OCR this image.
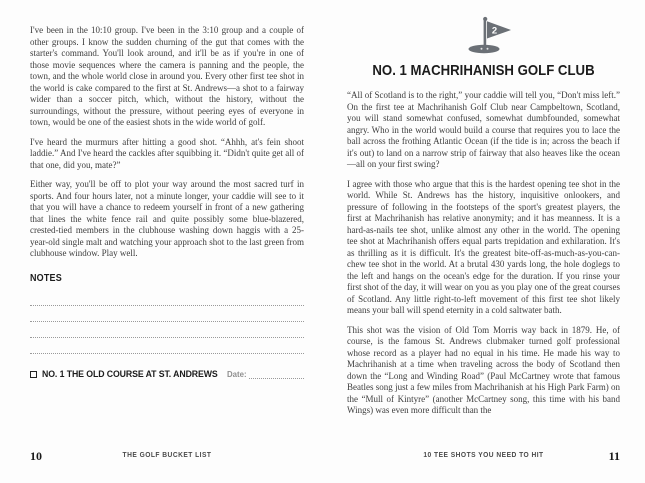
I've been in the 10:10 group. I've been in the 3:10 group and a couple of other groups. I know the sudden churning of the gut that comes with the starter's command. You'll look around, and it'll be as if you're in one of those movie sequences where the camera is panning and the people, the town, and the whole world close in around you. Every other first tee shot in the world is cake compared to the first at St. Andrews—a shot to a fairway wider than a soccer pitch, which, without the history, without the surroundings, without the pressure, without peering eyes of everyone in town, would be one of the easiest shots in the wide world of golf.

I've heard the murmurs after hitting a good shot. “Ahhh, at's fein shoot laddie.” And I've heard the cackles after squibbing it. “Didn't quite get all of that one, did you, mate?”

Either way, you'll be off to plot your way around the most sacred turf in sports. And four hours later, not a minute longer, your caddie will see to it that you will have a chance to redeem yourself in front of a new gathering that lines the white fence rail and quite possibly some blue-blazered, crested-tied members in the clubhouse washing down haggis with a 25-year-old single malt and watching your approach shot to the last green from clubhouse window. Play well.

NOTES
NO. 1 THE OLD COURSE AT ST. ANDREWS Date:
10	THE GOLF BUCKET LIST
2
NO. 1 MACHRIHANISH GOLF CLUB

“All of Scotland is to the right,” your caddie will tell you, “Don't miss left.” On the first tee at Machrihanish Golf Club near Campbeltown, Scotland, you will stand somewhat confused, somewhat dumbfounded, somewhat angry. Who in the world would build a course that requires you to lace the ball across the frothing Atlantic Ocean (if the tide is in; across the beach if it's out) to land on a narrow strip of fairway that also heaves like the ocean—all on your first swing?

I agree with those who argue that this is the hardest opening tee shot in the world. While St. Andrews has the history, inquisitive onlookers, and pressure of following in the footsteps of the sport's greatest players, the first at Machrihanish has relative anonymity; and it has meanness. It is a hard-as-nails tee shot, unlike almost any other in the world. The opening tee shot at Machrihanish offers equal parts trepidation and exhilaration. It's as thrilling as it is difficult. It's the greatest bite-off-as-much-as-you-can-chew tee shot in the world. At a brutal 430 yards long, the hole doglegs to the left and hangs on the ocean's edge for the duration. If you rinse your first shot of the day, it will wear on you as you play one of the great courses of Scotland. Any little right-to-left movement of this first tee shot likely means your ball will spend eternity in a cold saltwater bath.

This shot was the vision of Old Tom Morris way back in 1879. He, of course, is the famous St. Andrews clubmaker turned golf professional whose record as a player had no equal in his time. He made his way to Machrihanish at a time when traveling across the body of Scotland then down the “Long and Winding Road” (Paul McCartney wrote that famous Beatles song just a few miles from Machrihanish at his High Park Farm) on the “Mull of Kintyre” (another McCartney song, this time with his band Wings) was even more difficult than the

10 TEE SHOTS YOU NEED TO HIT	11
